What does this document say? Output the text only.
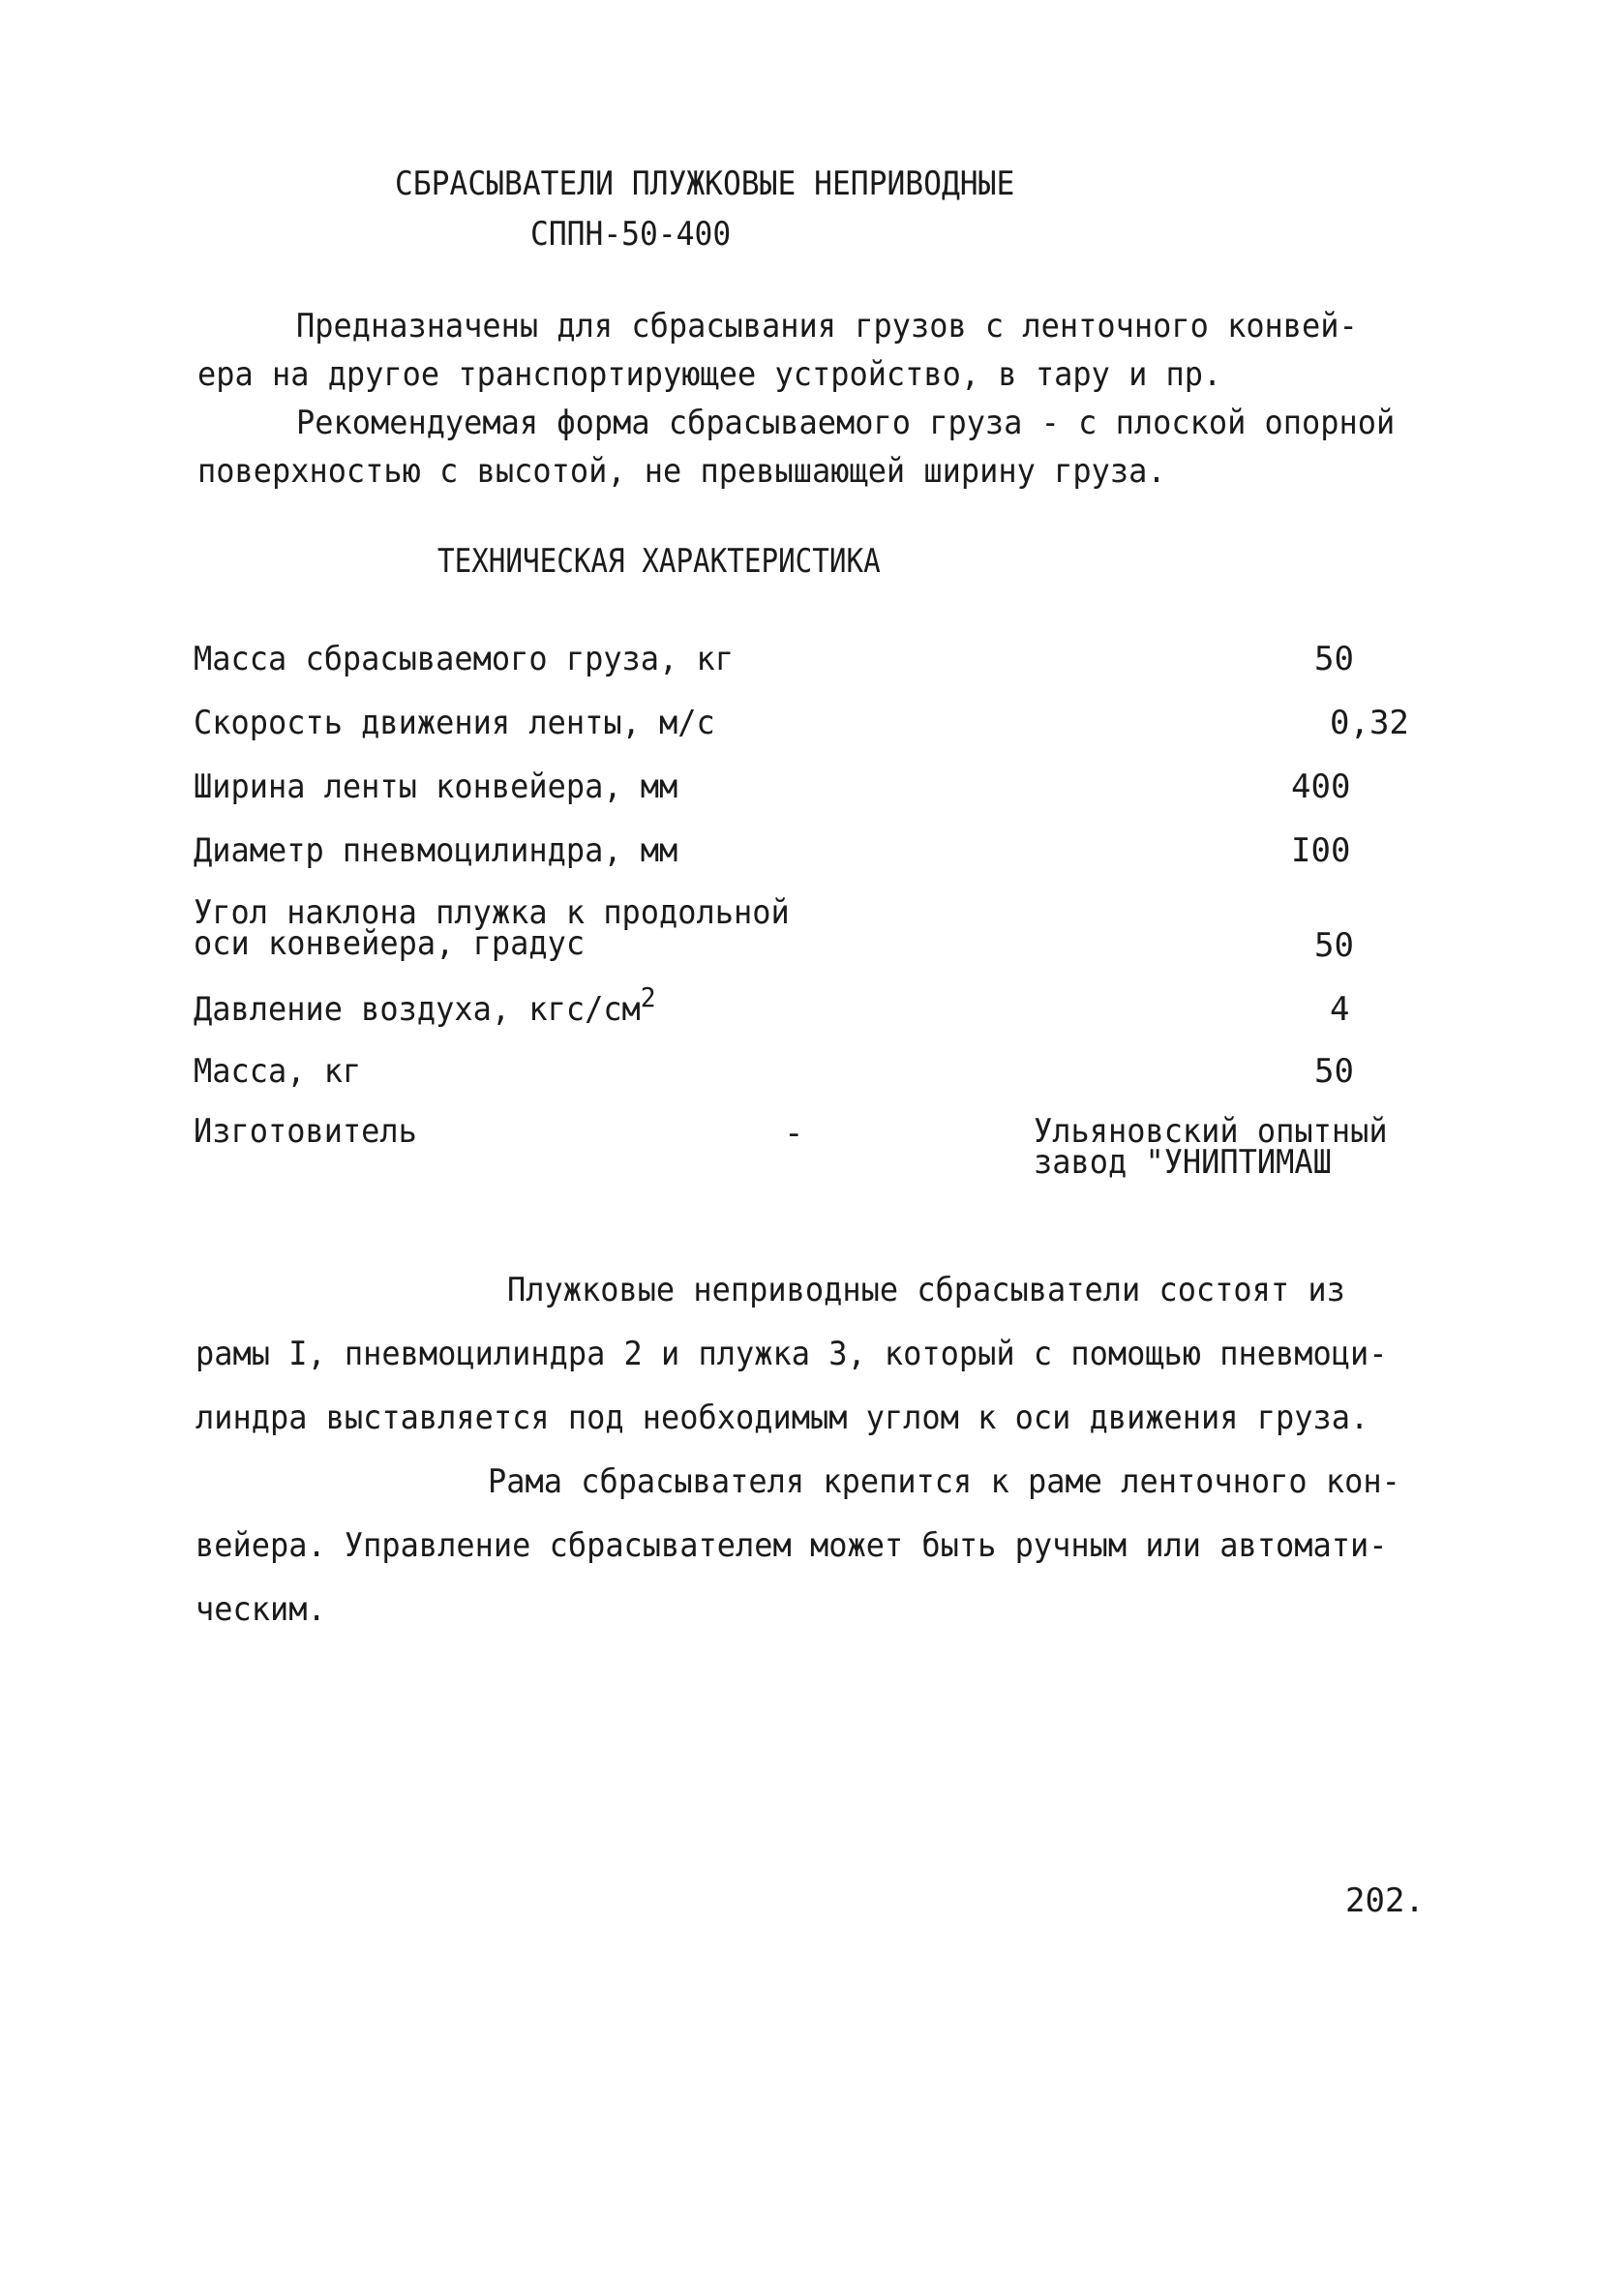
СБРАСЫВАТЕЛИ ПЛУЖКОВЫЕ НЕПРИВОДНЫЕ
СППН-50-400
Предназначены для сбрасывания грузов с ленточного конвей-
ера на другое транспортирующее устройство, в тару и пр.
Рекомендуемая форма сбрасываемого груза - с плоской опорной
поверхностью с высотой, не превышающей ширину груза.
ТЕХНИЧЕСКАЯ ХАРАКТЕРИСТИКА
Масса сбрасываемого груза, кг	50
Скорость движения ленты, м/с	0,32
Ширина ленты конвейера, мм	400
Диаметр пневмоцилиндра, мм	I00
Угол наклона плужка к продольной
оси конвейера, градус	50
Давление воздуха, кгс/$см^2$	4
Масса, кг	50
Изготовитель	-	Ульяновский опытный
завод "УНИПТИМАШ
Плужковые неприводные сбрасыватели состоят из
рамы I, пневмоцилиндра 2 и плужка 3, который с помощью пневмоци-
линдра выставляется под необходимым углом к оси движения груза.
Рама сбрасывателя крепится к раме ленточного кон-
вейера. Управление сбрасывателем может быть ручным или автомати-
ческим.
202.
